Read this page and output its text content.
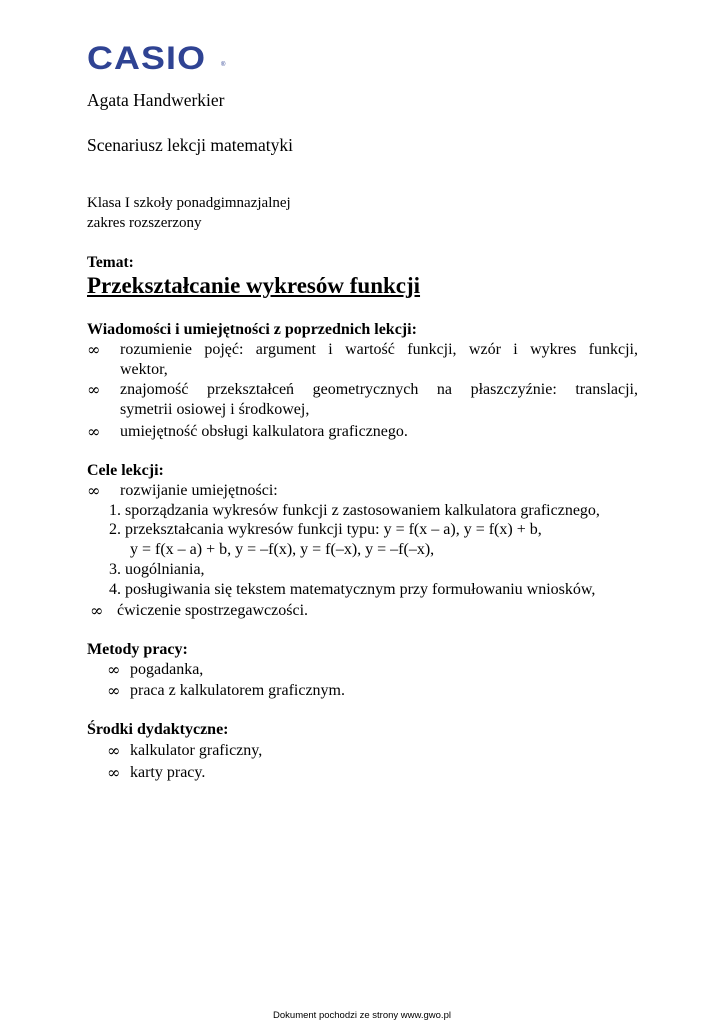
CASIO ®
Agata Handwerkier
Scenariusz lekcji matematyki
Klasa I szkoły ponadgimnazjalnej
zakres rozszerzony
Temat:
Przekształcanie wykresów funkcji
Wiadomości i umiejętności z poprzednich lekcji:
∞ rozumienie pojęć: argument i wartość funkcji, wzór i wykres funkcji,
wektor,
∞ znajomość przekształceń geometrycznych na płaszczyźnie: translacji,
symetrii osiowej i środkowej,
∞ umiejętność obsługi kalkulatora graficznego.
Cele lekcji:
∞ rozwijanie umiejętności:
1. sporządzania wykresów funkcji z zastosowaniem kalkulatora graficznego,
2. przekształcania wykresów funkcji typu: y = f(x – a), y = f(x) + b,
y = f(x – a) + b, y = –f(x), y = f(–x), y = –f(–x),
3. uogólniania,
4. posługiwania się tekstem matematycznym przy formułowaniu wniosków,
∞ ćwiczenie spostrzegawczości.
Metody pracy:
∞ pogadanka,
∞ praca z kalkulatorem graficznym.
Środki dydaktyczne:
∞ kalkulator graficzny,
∞ karty pracy.
Dokument pochodzi ze strony www.gwo.pl
